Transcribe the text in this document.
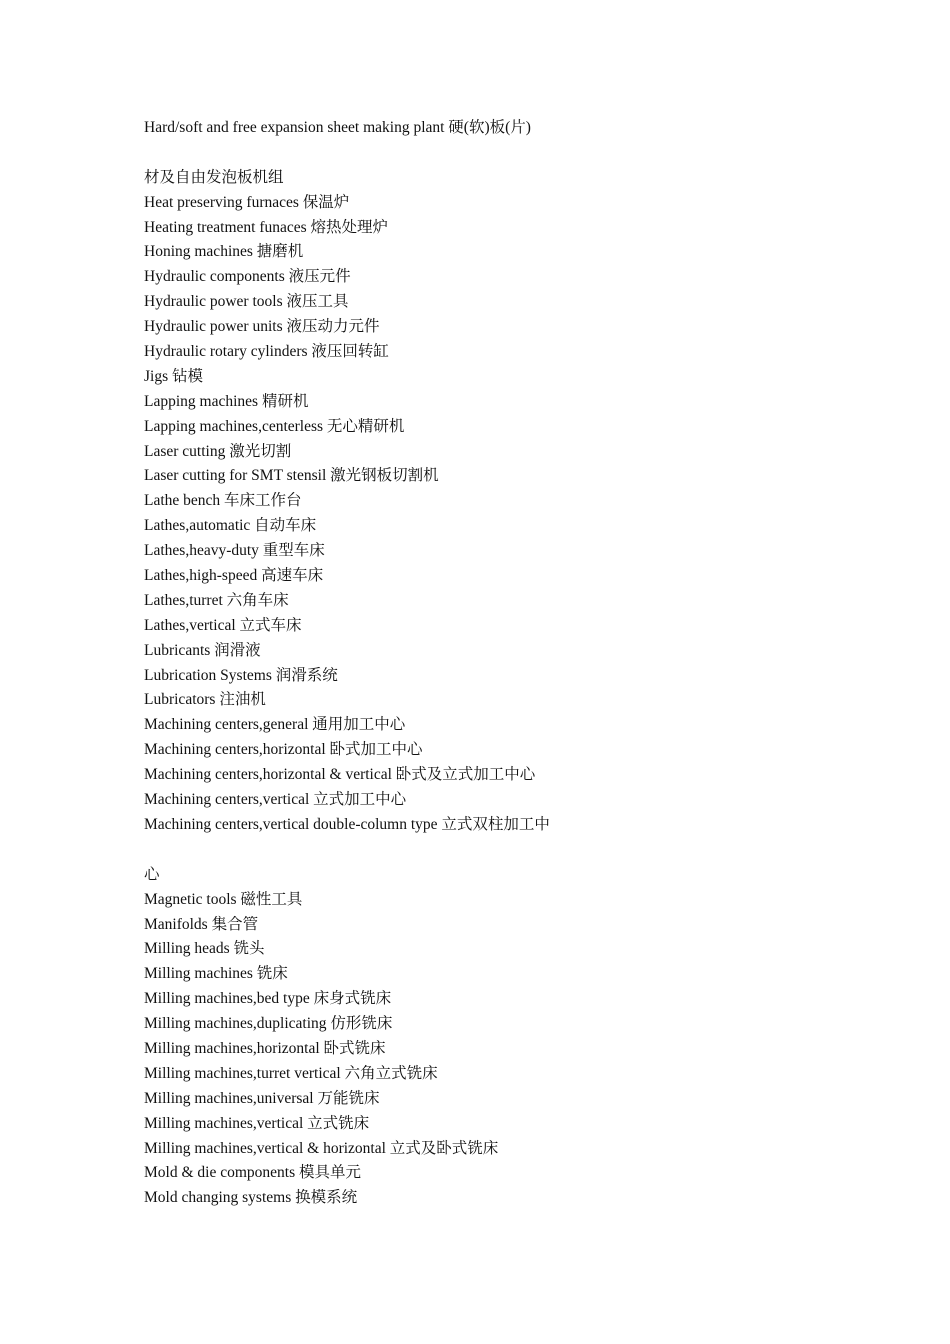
Hard/soft and free expansion sheet making plant 硬(软)板(片)
材及自由发泡板机组
Heat preserving furnaces 保温炉
Heating treatment funaces 熔热处理炉
Honing machines 搪磨机
Hydraulic components 液压元件
Hydraulic power tools 液压工具
Hydraulic power units 液压动力元件
Hydraulic rotary cylinders 液压回转缸
Jigs 钻模
Lapping machines 精研机
Lapping machines,centerless 无心精研机
Laser cutting 激光切割
Laser cutting for SMT stensil 激光钢板切割机
Lathe bench 车床工作台
Lathes,automatic 自动车床
Lathes,heavy-duty 重型车床
Lathes,high-speed 高速车床
Lathes,turret 六角车床
Lathes,vertical 立式车床
Lubricants 润滑液
Lubrication Systems 润滑系统
Lubricators 注油机
Machining centers,general 通用加工中心
Machining centers,horizontal 卧式加工中心
Machining centers,horizontal & vertical 卧式及立式加工中心
Machining centers,vertical 立式加工中心
Machining centers,vertical double-column type 立式双柱加工中
心
Magnetic tools 磁性工具
Manifolds 集合管
Milling heads 铣头
Milling machines 铣床
Milling machines,bed type 床身式铣床
Milling machines,duplicating 仿形铣床
Milling machines,horizontal 卧式铣床
Milling machines,turret vertical 六角立式铣床
Milling machines,universal 万能铣床
Milling machines,vertical 立式铣床
Milling machines,vertical & horizontal 立式及卧式铣床
Mold & die components 模具单元
Mold changing systems 换模系统
